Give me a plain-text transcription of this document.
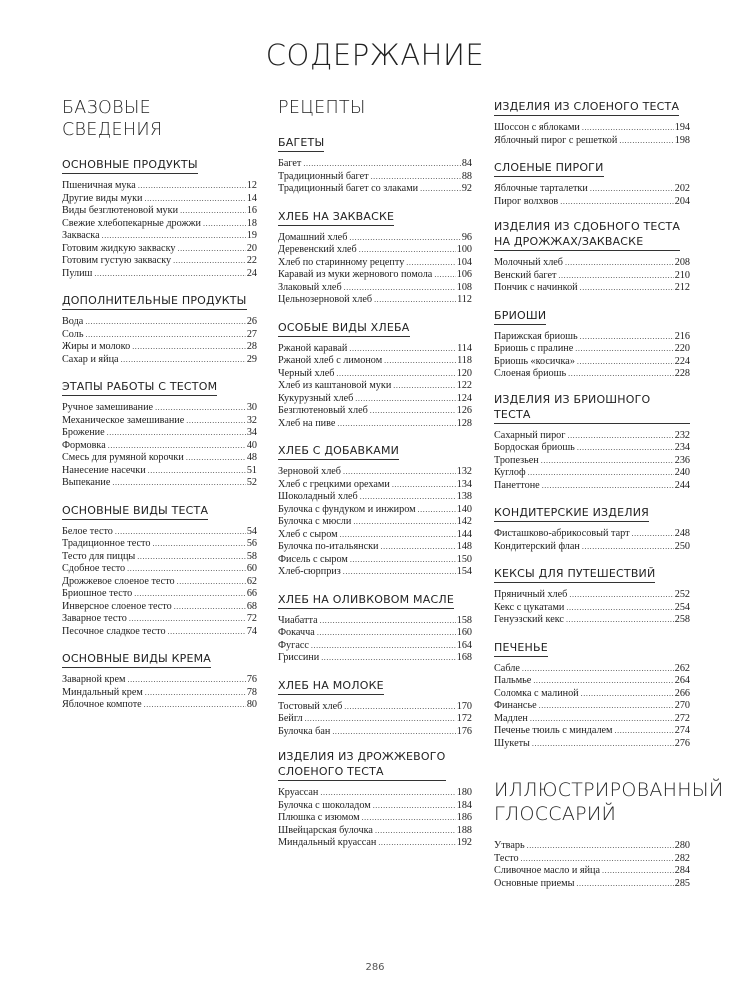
СОДЕРЖАНИЕ
БАЗОВЫЕ СВЕДЕНИЯ
ОСНОВНЫЕ ПРОДУКТЫ
Пшеничная мука .....	12
Другие виды муки .....	14
Виды безглютеновой муки .....	16
Свежие хлебопекарные дрожжи .....	18
Закваска .....	19
Готовим жидкую закваску .....	20
Готовим густую закваску .....	22
Пулиш .....	24
ДОПОЛНИТЕЛЬНЫЕ ПРОДУКТЫ
Вода .....	26
Соль .....	27
Жиры и молоко .....	28
Сахар и яйца .....	29
ЭТАПЫ РАБОТЫ С ТЕСТОМ
Ручное замешивание .....	30
Механическое замешивание .....	32
Брожение .....	34
Формовка .....	40
Смесь для румяной корочки .....	48
Нанесение насечки .....	51
Выпекание .....	52
ОСНОВНЫЕ ВИДЫ ТЕСТА
Белое тесто .....	54
Традиционное тесто .....	56
Тесто для пиццы .....	58
Сдобное тесто .....	60
Дрожжевое слоеное тесто .....	62
Бриошное тесто .....	66
Инверсное слоеное тесто .....	68
Заварное тесто .....	72
Песочное сладкое тесто .....	74
ОСНОВНЫЕ ВИДЫ КРЕМА
Заварной крем .....	76
Миндальный крем .....	78
Яблочное компоте .....	80
РЕЦЕПТЫ
БАГЕТЫ
Багет .....	84
Традиционный багет .....	88
Традиционный багет со злаками .....	92
ХЛЕБ НА ЗАКВАСКЕ
Домашний хлеб .....	96
Деревенский хлеб .....	100
Хлеб по старинному рецепту .....	104
Каравай из муки жернового помола ..... 106
Злаковый хлеб .....	108
Цельнозерновой хлеб .....	112
ОСОБЫЕ ВИДЫ ХЛЕБА
Ржаной каравай .....	114
Ржаной хлеб с лимоном .....	118
Черный хлеб .....	120
Хлеб из каштановой муки .....	122
Кукурузный хлеб .....	124
Безглютеновый хлеб .....	126
Хлеб на пиве .....	128
ХЛЕБ С ДОБАВКАМИ
Зерновой хлеб .....	132
Хлеб с грецкими орехами .....	134
Шоколадный хлеб .....	138
Булочка с фундуком и инжиром .....	140
Булочка с мюсли .....	142
Хлеб с сыром .....	144
Булочка по-итальянски .....	148
Фисель с сыром .....	150
Хлеб-сюрприз .....	154
ХЛЕБ НА ОЛИВКОВОМ МАСЛЕ
Чиабатта .....	158
Фокачча .....	160
Фугасс .....	164
Гриссини .....	168
ХЛЕБ НА МОЛОКЕ
Тостовый хлеб .....	170
Бейгл .....	172
Булочка бан .....	176
ИЗДЕЛИЯ ИЗ ДРОЖЖЕВОГО
СЛОЕНОГО ТЕСТА
Круассан .....	180
Булочка с шоколадом .....	184
Плюшка с изюмом .....	186
Швейцарская булочка .....	188
Миндальный круассан .....	192
ИЗДЕЛИЯ ИЗ СЛОЕНОГО ТЕСТА
Шоссон с яблоками .....	194
Яблочный пирог с решеткой .....	198
СЛОЕНЫЕ ПИРОГИ
Яблочные тарталетки .....	202
Пирог волхвов .....	204
ИЗДЕЛИЯ ИЗ СДОБНОГО ТЕСТА
НА ДРОЖЖАХ/ЗАКВАСКЕ
Молочный хлеб .....	208
Венский багет .....	210
Пончик с начинкой .....	212
БРИОШИ
Парижская бриошь .....	216
Бриошь с пралине .....	220
Бриошь «косичка» .....	224
Слоеная бриошь .....	228
ИЗДЕЛИЯ ИЗ БРИОШНОГО ТЕСТА
Сахарный пирог .....	232
Бордоская бриошь .....	234
Тропезьен .....	236
Куглоф .....	240
Панеттоне .....	244
КОНДИТЕРСКИЕ ИЗДЕЛИЯ
Фисташково-абрикосовый тарт .....	248
Кондитерский флан .....	250
КЕКСЫ ДЛЯ ПУТЕШЕСТВИЙ
Пряничный хлеб .....	252
Кекс с цукатами .....	254
Генуэзский кекс .....	258
ПЕЧЕНЬЕ
Сабле .....	262
Пальмье .....	264
Соломка с малиной .....	266
Финансье .....	270
Мадлен .....	272
Печенье тюиль с миндалем .....	274
Шукеты .....	276
ИЛЛЮСТРИРОВАННЫЙ
ГЛОССАРИЙ
Утварь .....	280
Тесто .....	282
Сливочное масло и яйца .....	284
Основные приемы .....	285
286
